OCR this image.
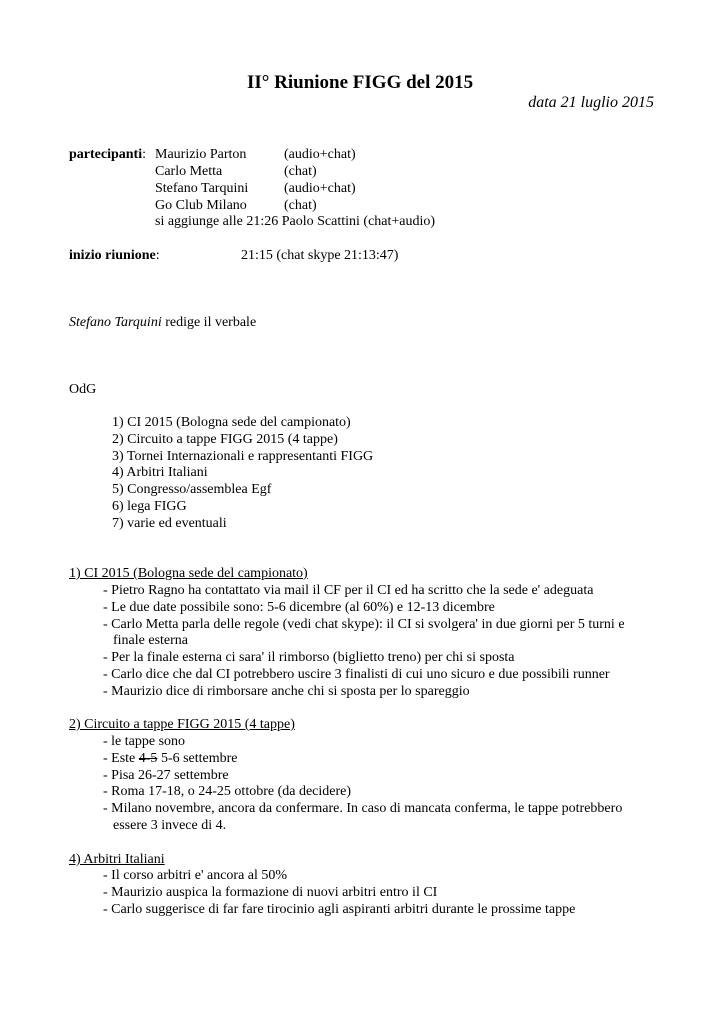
II° Riunione FIGG del 2015
data 21 luglio 2015
partecipanti: Maurizio Parton	(audio+chat)
Carlo Metta	(chat)
Stefano Tarquini	(audio+chat)
Go Club Milano	(chat)
si aggiunge alle 21:26 Paolo Scattini (chat+audio)
inizio riunione:	21:15 (chat skype 21:13:47)
Stefano Tarquini redige il verbale
OdG
1) CI 2015 (Bologna sede del campionato)
2) Circuito a tappe FIGG 2015 (4 tappe)
3) Tornei Internazionali e rappresentanti FIGG
4) Arbitri Italiani
5) Congresso/assemblea Egf
6) lega FIGG
7) varie ed eventuali
1) CI 2015 (Bologna sede del campionato)
- Pietro Ragno ha contattato via mail il CF per il CI ed ha scritto che la sede e' adeguata
- Le due date possibile sono: 5-6 dicembre (al 60%) e 12-13 dicembre
- Carlo Metta parla delle regole (vedi chat skype): il CI si svolgera' in due giorni per 5 turni e
finale esterna
- Per la finale esterna ci sara' il rimborso (biglietto treno) per chi si sposta
- Carlo dice che dal CI potrebbero uscire 3 finalisti di cui uno sicuro e due possibili runner
- Maurizio dice di rimborsare anche chi si sposta per lo spareggio
2) Circuito a tappe FIGG 2015 (4 tappe)
- le tappe sono
- Este 4-5 5-6 settembre
- Pisa 26-27 settembre
- Roma 17-18, o 24-25 ottobre (da decidere)
- Milano novembre, ancora da confermare. In caso di mancata conferma, le tappe potrebbero
essere 3 invece di 4.
4) Arbitri Italiani
- Il corso arbitri e' ancora al 50%
- Maurizio auspica la formazione di nuovi arbitri entro il CI
- Carlo suggerisce di far fare tirocinio agli aspiranti arbitri durante le prossime tappe
